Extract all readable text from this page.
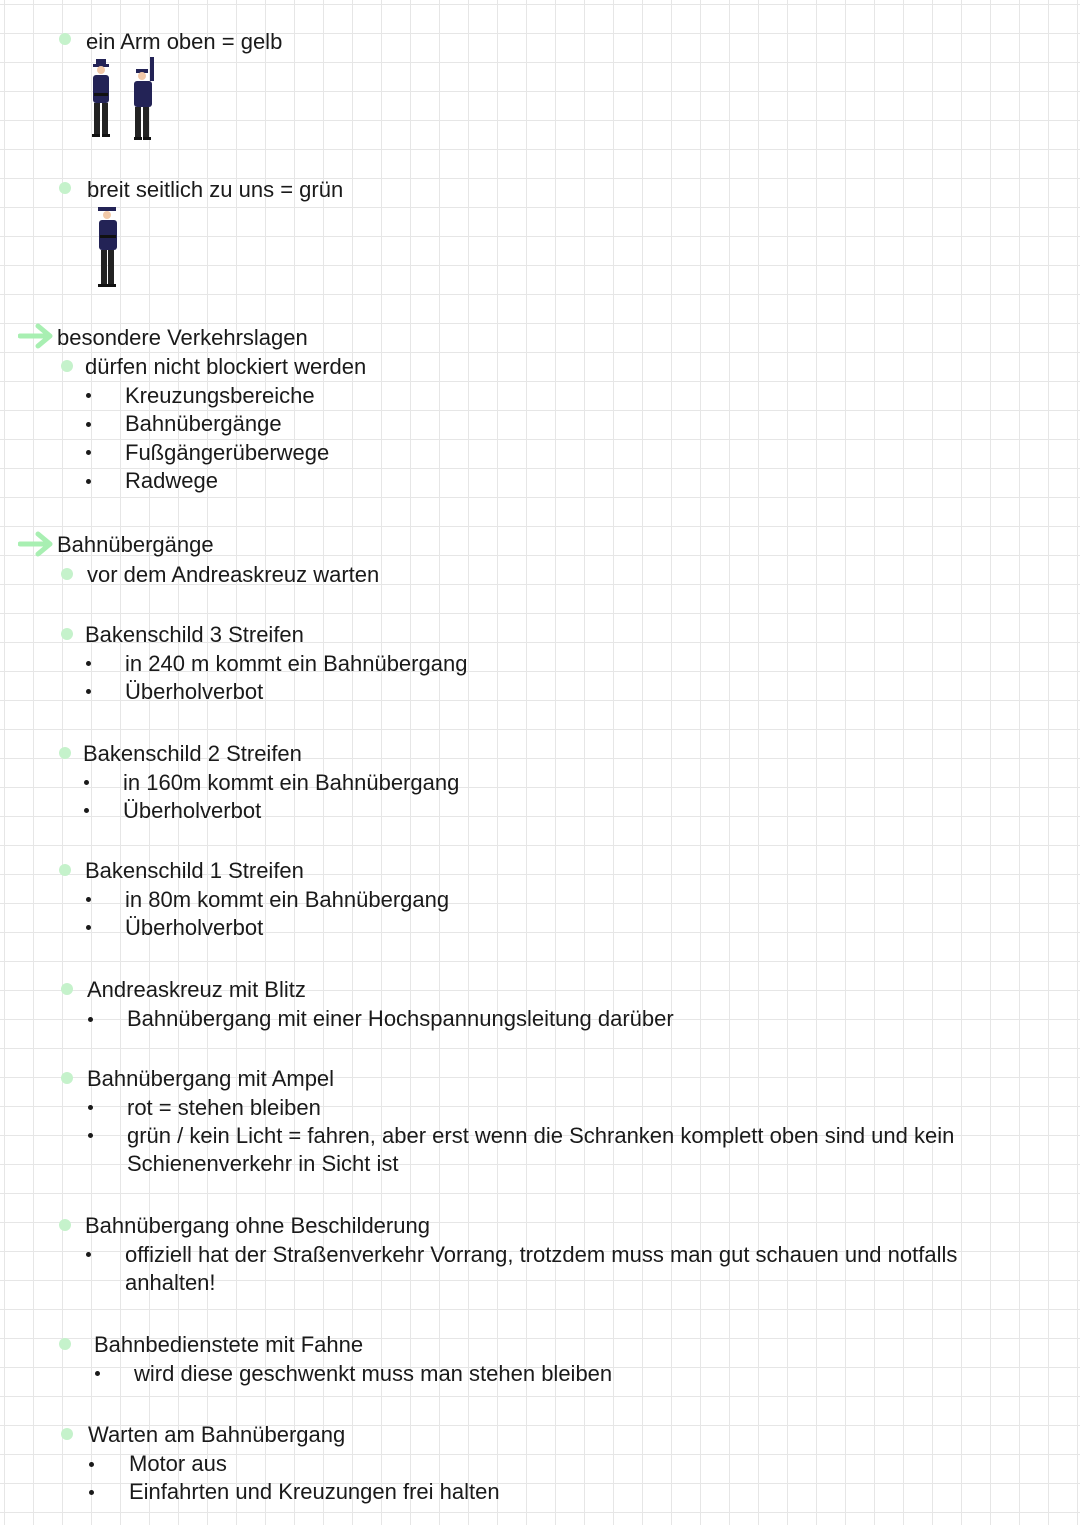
ein Arm oben = gelb
breit seitlich zu uns = grün
besondere Verkehrslagen
dürfen nicht blockiert werden
Kreuzungsbereiche
Bahnübergänge
Fußgängerüberwege
Radwege
Bahnübergänge
vor dem Andreaskreuz warten
Bakenschild 3 Streifen
in 240 m kommt ein Bahnübergang
Überholverbot
Bakenschild 2 Streifen
in 160m kommt ein Bahnübergang
Überholverbot
Bakenschild 1 Streifen
in 80m kommt ein Bahnübergang
Überholverbot
Andreaskreuz mit Blitz
Bahnübergang mit einer Hochspannungsleitung darüber
Bahnübergang mit Ampel
rot = stehen bleiben
grün / kein Licht = fahren, aber erst wenn die Schranken komplett oben sind und kein Schienenverkehr in Sicht ist
Bahnübergang ohne Beschilderung
offiziell hat der Straßenverkehr Vorrang, trotzdem muss man gut schauen und notfalls anhalten!
Bahnbedienstete mit Fahne
wird diese geschwenkt muss man stehen bleiben
Warten am Bahnübergang
Motor aus
Einfahrten und Kreuzungen frei halten
